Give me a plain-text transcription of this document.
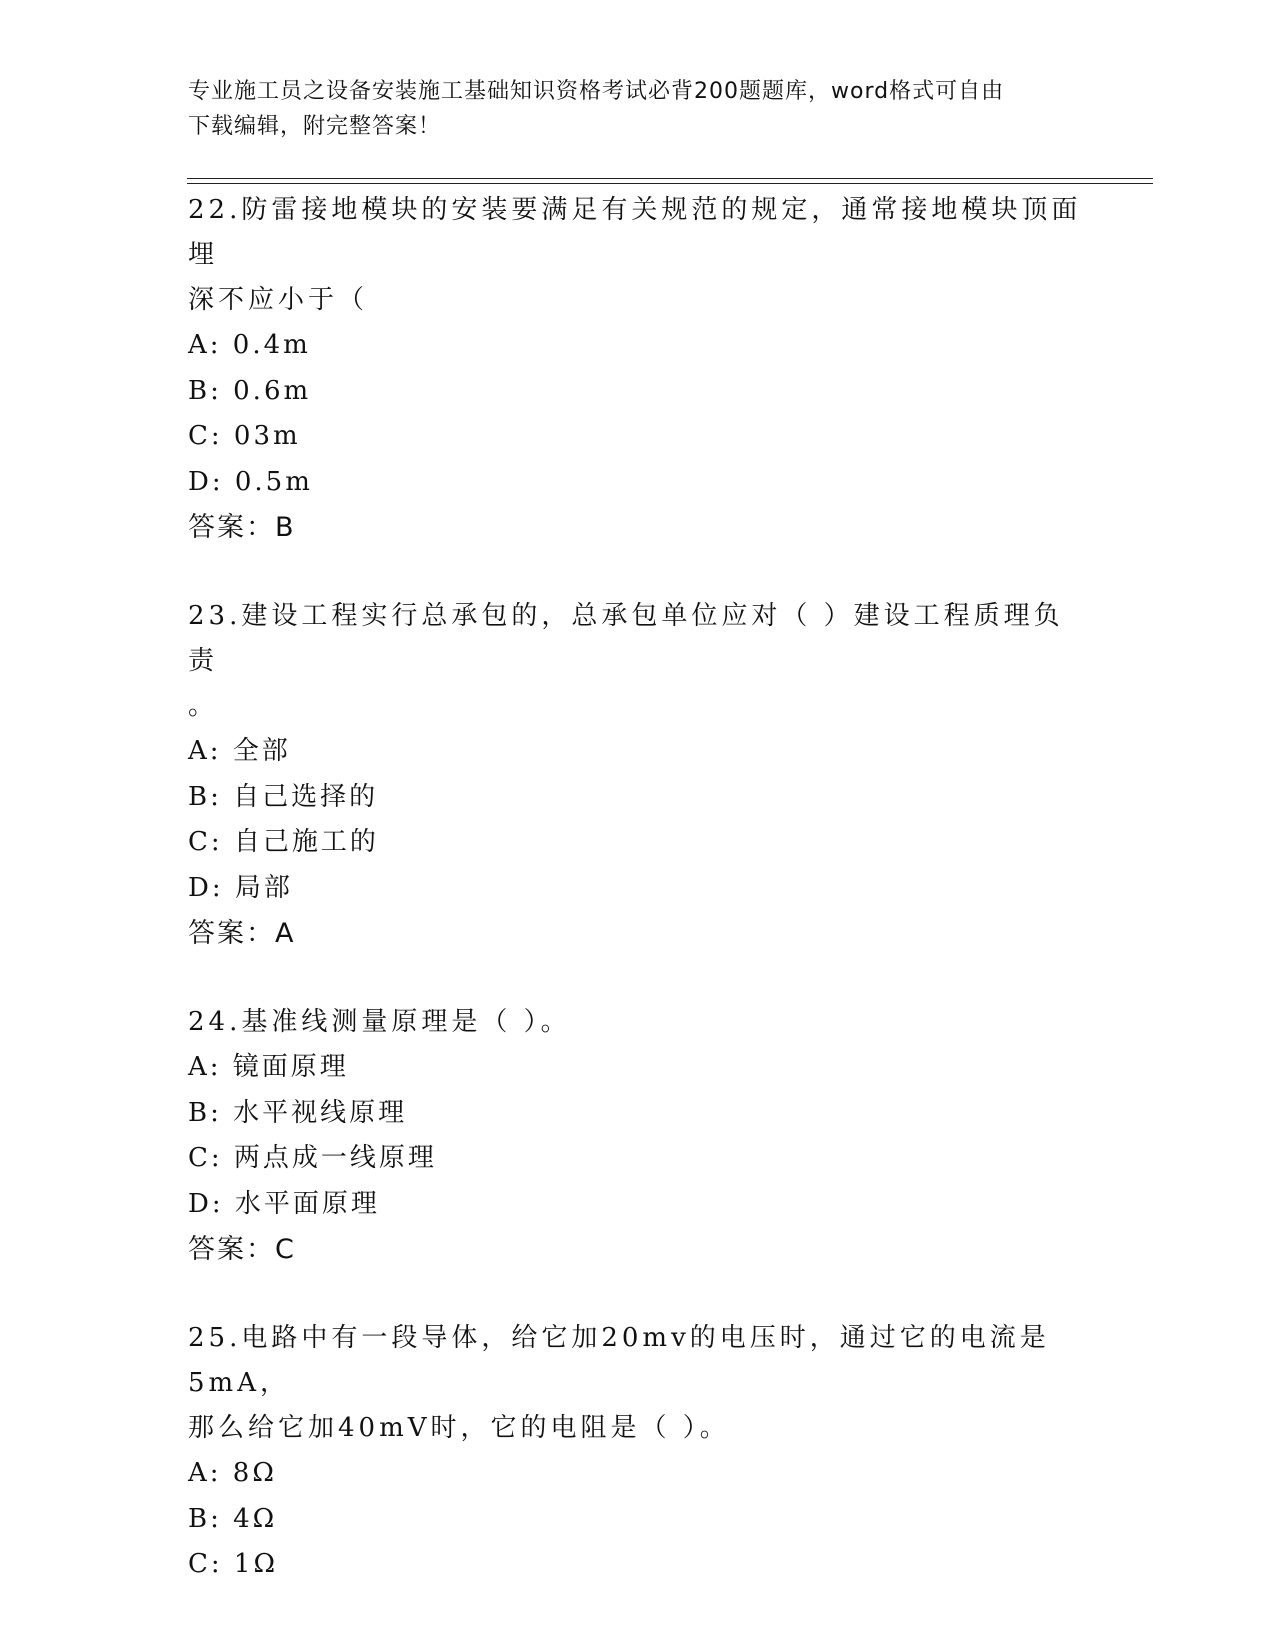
专业施工员之设备安装施工基础知识资格考试必背200题题库，word格式可自由
下载编辑，附完整答案！

22.防雷接地模块的安装要满足有关规范的规定，通常接地模块顶面埋

深不应小于（

A: 0.4m

B: 0.6m

C: 03m

D: 0.5m

答案：B

23.建设工程实行总承包的，总承包单位应对（ ）建设工程质理负责

。

A: 全部

B: 自己选择的

C: 自己施工的

D: 局部

答案：A

24.基准线测量原理是（ ）。

A: 镜面原理

B: 水平视线原理

C: 两点成一线原理

D: 水平面原理

答案：C

25.电路中有一段导体，给它加20mv的电压时，通过它的电流是5mA，

那么给它加40mV时，它的电阻是（ ）。

A: 8Ω

B: 4Ω

C: 1Ω
